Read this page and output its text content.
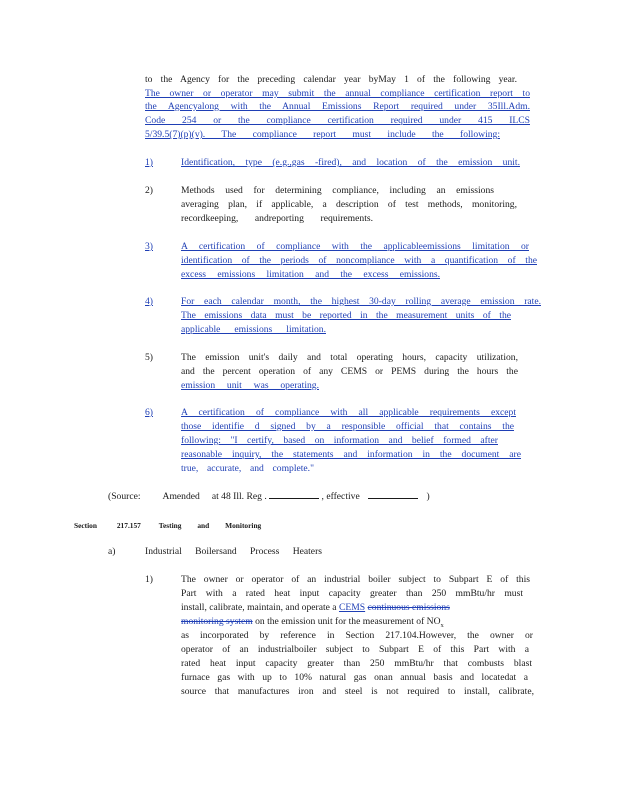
to the Agency for the preceding calendar year byMay 1 of the following year.
The owner or operator may submit the annual compliance certification report to
the Agencyalong with the Annual Emissions Report required under 35Ill.Adm.
Code 254 or the compliance certification required under 415 ILCS
5/39.5(7)(p)(v). The compliance report must include the following:
1)	Identification, type (e.g.,gas -fired), and location of the emission unit.
2)	Methods used for determining compliance, including an emissions
averaging plan, if applicable, a description of test methods, monitoring,
recordkeeping, andreporting requirements.
3)	A certification of compliance with the applicableemissions limitation or
identification of the periods of noncompliance with a quantification of the
excess emissions limitation and the excess emissions.
4)	For each calendar month, the highest 30-day rolling average emission rate.
The emissions data must be reported in the measurement units of the
applicable emissions limitation.
5)	The emission unit's daily and total operating hours, capacity utilization,
and the percent operation of any CEMS or PEMS during the hours the
emission unit was operating.
6)	A certification of compliance with all applicable requirements except
those identifie d signed by a responsible official that contains the
following: "I certify, based on information and belief formed after
reasonable inquiry, the statements and information in the document are
true, accurate, and complete."
(Source: Amended at 48 Ill. Reg .	, effective	)
Section	217.157 Testing and Monitoring
a)	Industrial Boilersand Process Heaters
1)	The owner or operator of an industrial boiler subject to Subpart E of this
Part with a rated heat input capacity greater than 250 mmBtu/hr must
install, calibrate, maintain, and operate a CEMS continuous emissions
monitoring system on the emission unit for the measurement of $NO_x$
as incorporated by reference in Section 217.104.However, the owner or
operator of an industrialboiler subject to Subpart E of this Part with a
rated heat input capacity greater than 250 mmBtu/hr that combusts blast
furnace gas with up to 10% natural gas onan annual basis and locatedat a
source that manufactures iron and steel is not required to install, calibrate,
